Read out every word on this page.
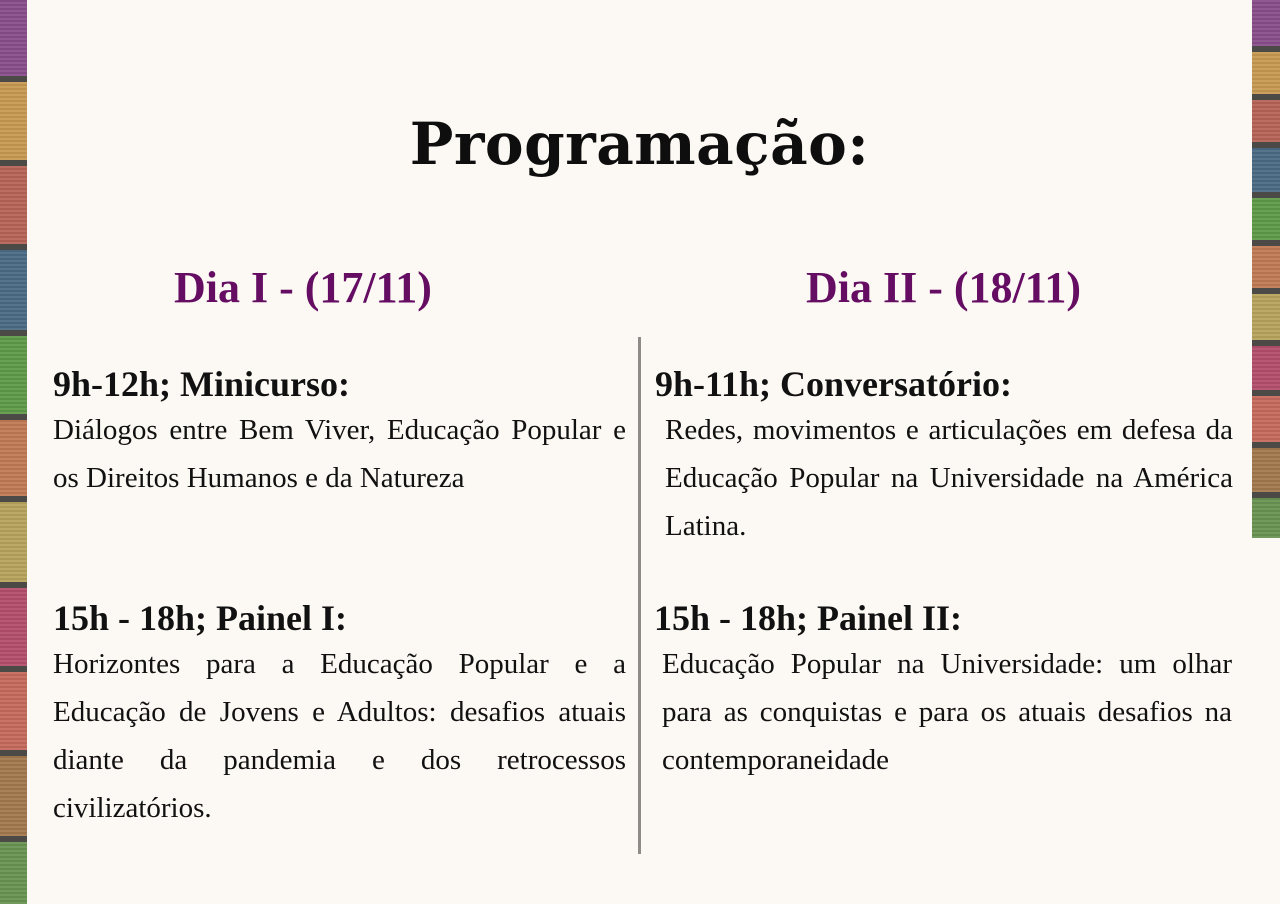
Programação:
Dia I - (17/11)	Dia II - (18/11)
9h-12h; Minicurso:

Diálogos entre Bem Viver, Educação Popular e os Direitos Humanos e da Natureza

15h - 18h; Painel I:

Horizontes para a Educação Popular e a Educação de Jovens e Adultos: desafios atuais diante da pandemia e dos retrocessos civilizatórios.

9h-11h; Conversatório:

Redes, movimentos e articulações em defesa da Educação Popular na Universidade na América Latina.

15h - 18h; Painel II:

Educação Popular na Universidade: um olhar para as conquistas e para os atuais desafios na contemporaneidade
